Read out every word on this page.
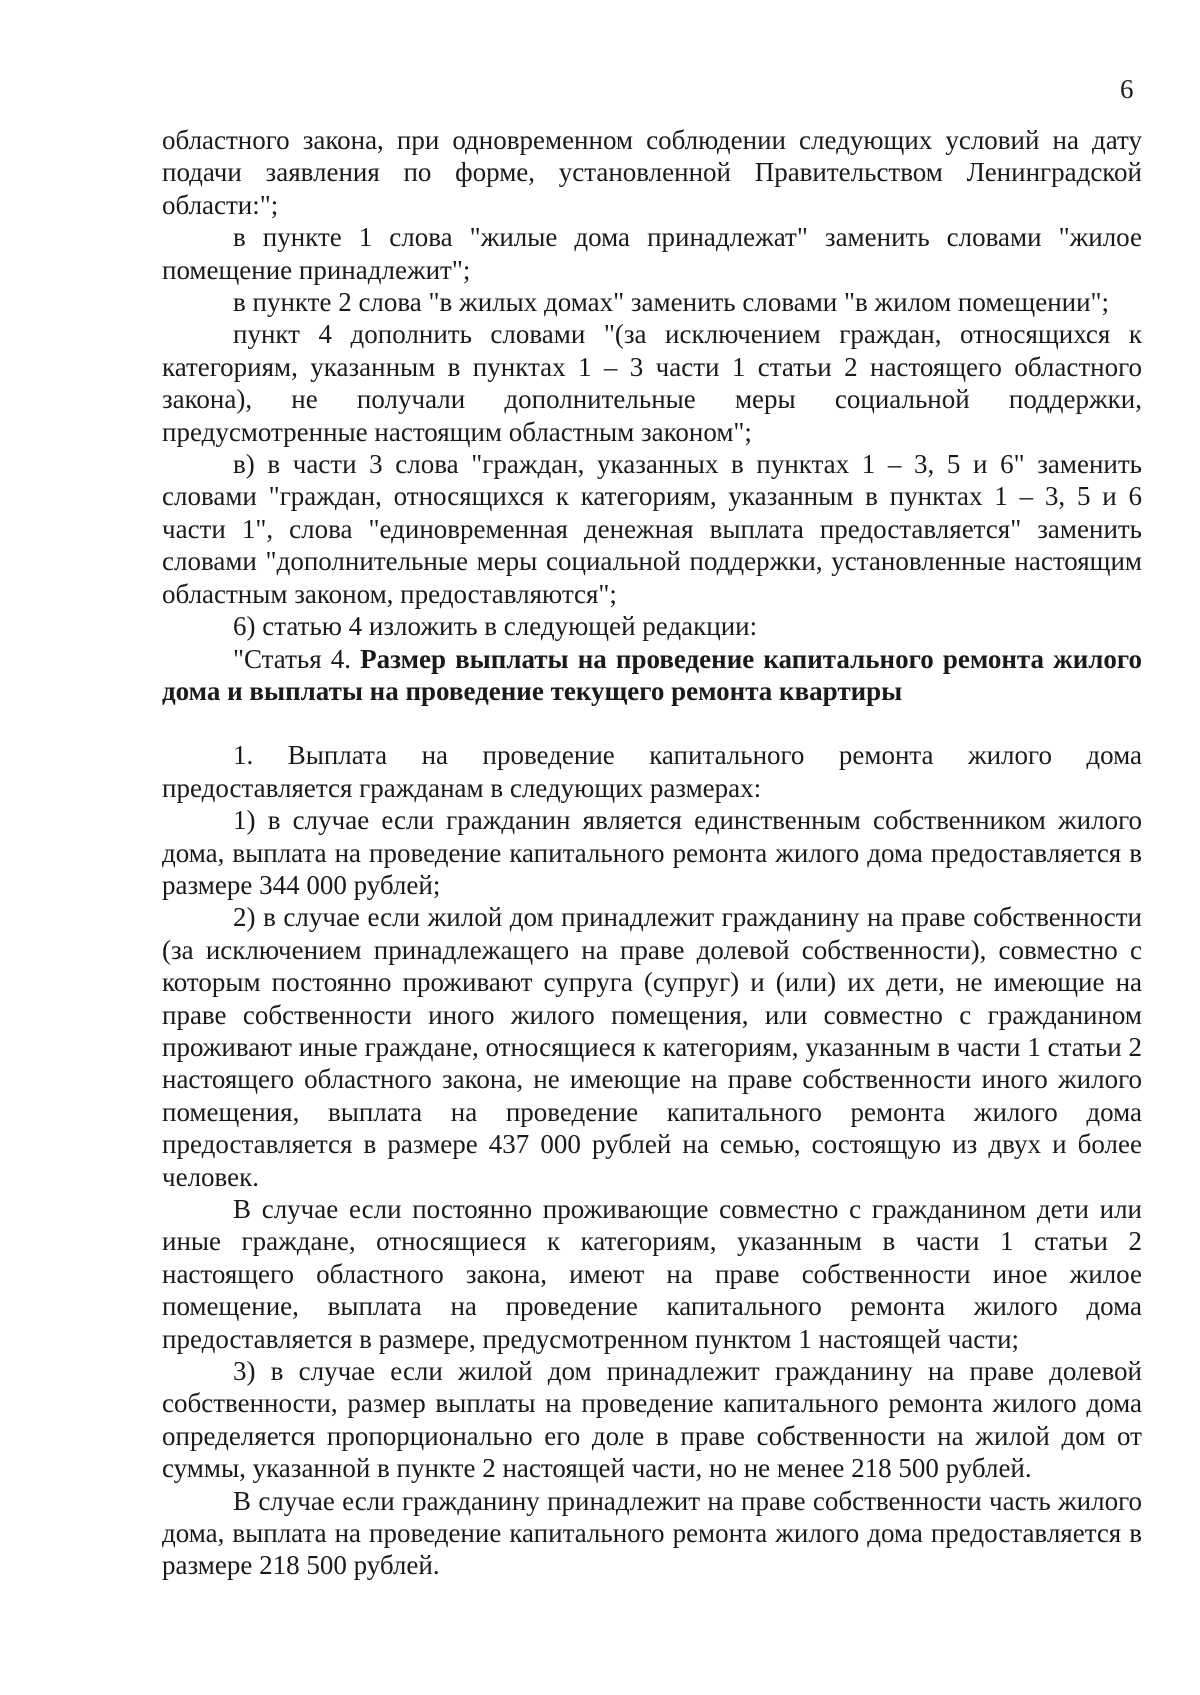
6

областного закона, при одновременном соблюдении следующих условий на дату подачи заявления по форме, установленной Правительством Ленинградской области:";

в пункте 1 слова "жилые дома принадлежат" заменить словами "жилое помещение принадлежит";

в пункте 2 слова "в жилых домах" заменить словами "в жилом помещении";

пункт 4 дополнить словами "(за исключением граждан, относящихся к категориям, указанным в пунктах 1 – 3 части 1 статьи 2 настоящего областного закона), не получали дополнительные меры социальной поддержки, предусмотренные настоящим областным законом";

в) в части 3 слова "граждан, указанных в пунктах 1 – 3, 5 и 6" заменить словами "граждан, относящихся к категориям, указанным в пунктах 1 – 3, 5 и 6 части 1", слова "единовременная денежная выплата предоставляется" заменить словами "дополнительные меры социальной поддержки, установленные настоящим областным законом, предоставляются";

6) статью 4 изложить в следующей редакции:

"Статья 4. Размер выплаты на проведение капитального ремонта жилого дома и выплаты на проведение текущего ремонта квартиры

1. Выплата на проведение капитального ремонта жилого дома предоставляется гражданам в следующих размерах:

1) в случае если гражданин является единственным собственником жилого дома, выплата на проведение капитального ремонта жилого дома предоставляется в размере 344 000 рублей;

2) в случае если жилой дом принадлежит гражданину на праве собственности (за исключением принадлежащего на праве долевой собственности), совместно с которым постоянно проживают супруга (супруг) и (или) их дети, не имеющие на праве собственности иного жилого помещения, или совместно с гражданином проживают иные граждане, относящиеся к категориям, указанным в части 1 статьи 2 настоящего областного закона, не имеющие на праве собственности иного жилого помещения, выплата на проведение капитального ремонта жилого дома предоставляется в размере 437 000 рублей на семью, состоящую из двух и более человек.

В случае если постоянно проживающие совместно с гражданином дети или иные граждане, относящиеся к категориям, указанным в части 1 статьи 2 настоящего областного закона, имеют на праве собственности иное жилое помещение, выплата на проведение капитального ремонта жилого дома предоставляется в размере, предусмотренном пунктом 1 настоящей части;

3) в случае если жилой дом принадлежит гражданину на праве долевой собственности, размер выплаты на проведение капитального ремонта жилого дома определяется пропорционально его доле в праве собственности на жилой дом от суммы, указанной в пункте 2 настоящей части, но не менее 218 500 рублей.

В случае если гражданину принадлежит на праве собственности часть жилого дома, выплата на проведение капитального ремонта жилого дома предоставляется в размере 218 500 рублей.
